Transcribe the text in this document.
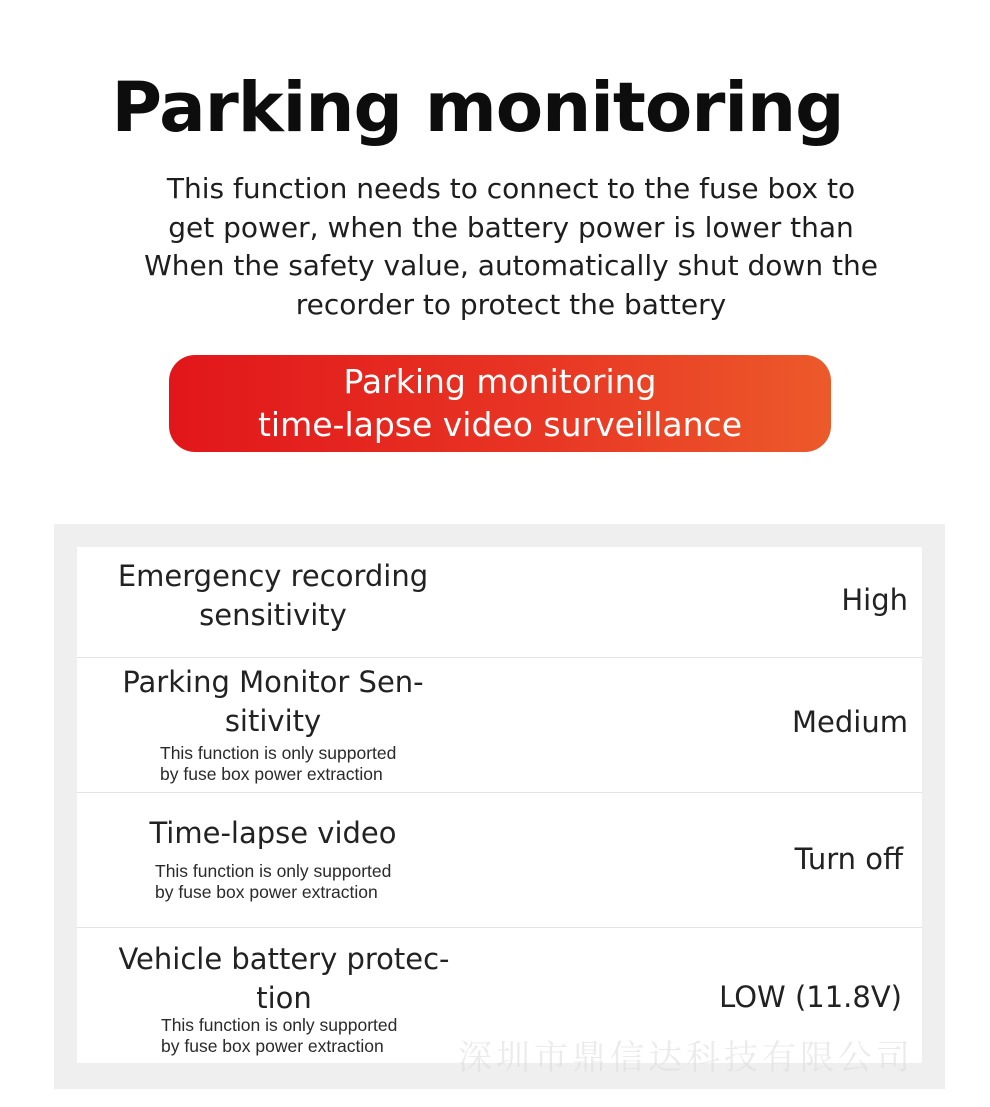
Parking monitoring
This function needs to connect to the fuse box to
get power, when the battery power is lower than
When the safety value, automatically shut down the
recorder to protect the battery
Parking monitoring
time-lapse video surveillance
Emergency recording
sensitivity	High
Parking Monitor Sen-
sitivity
This function is only supported
by fuse box power extraction
Medium
Time-lapse video
This function is only supported
by fuse box power extraction
Turn off
Vehicle battery protec-
tion
This function is only supported
by fuse box power extraction
LOW (11.8V)
深圳市鼎信达科技有限公司
